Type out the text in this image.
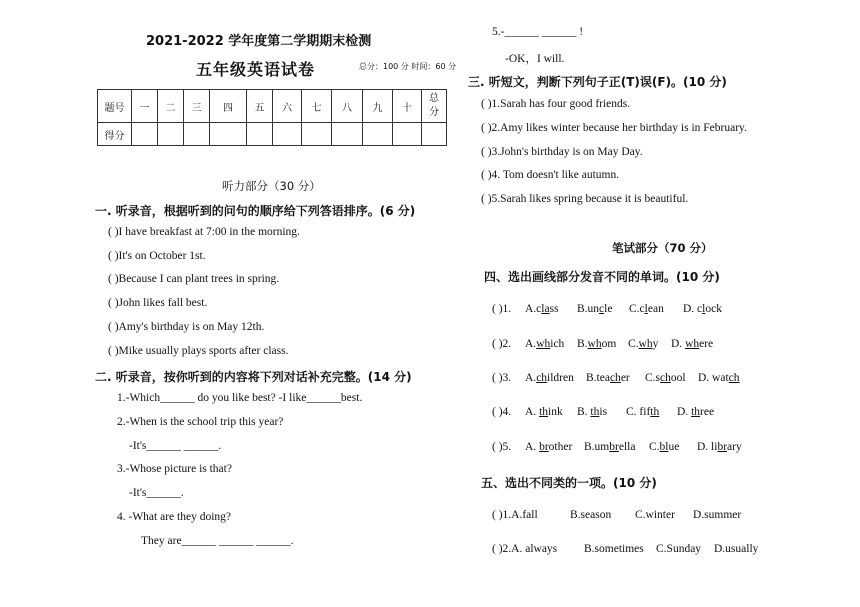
2021-2022 学年度第二学期期末检测
五年级英语试卷	总分：100 分 时间：60 分
题号	一	二	三	四	五	六	七	八	九	十	总分
得分											
听力部分（30 分）
一. 听录音，根据听到的问句的顺序给下列答语排序。(6 分)
( )I have breakfast at 7:00 in the morning.
( )It's on October 1st.
( )Because I can plant trees in spring.
( )John likes fall best.
( )Amy's birthday is on May 12th.
( )Mike usually plays sports after class.
二. 听录音，按你听到的内容将下列对话补充完整。(14 分)
1.-Which______ do you like best? -I like______best.
2.-When is the school trip this year?
-It's______ ______.
3.-Whose picture is that?
-It's______.
4. -What are they doing?
They are______ ______ ______.
5.-______ ______ !
-OK，I will.
三. 听短文，判断下列句子正(T)误(F)。(10 分)
( )1.Sarah has four good friends.
( )2.Amy likes winter because her birthday is in February.
( )3.John's birthday is on May Day.
( )4. Tom doesn't like autumn.
( )5.Sarah likes spring because it is beautiful.
笔试部分（70 分）
四、选出画线部分发音不同的单词。(10 分)
( )1. A.class B.uncle C.clean D. clock
( )2. A.which B.whom C.why D. where
( )3. A.children B.teacher C.school D. watch
( )4. A. think B. this C. fifth D. three
( )5. A. brother B.umbrella C.blue D. library
五、选出不同类的一项。(10 分)
( )1.A.fall	B.season C.winter D.summer
( )2.A. always B.sometimes C.Sunday D.usually
